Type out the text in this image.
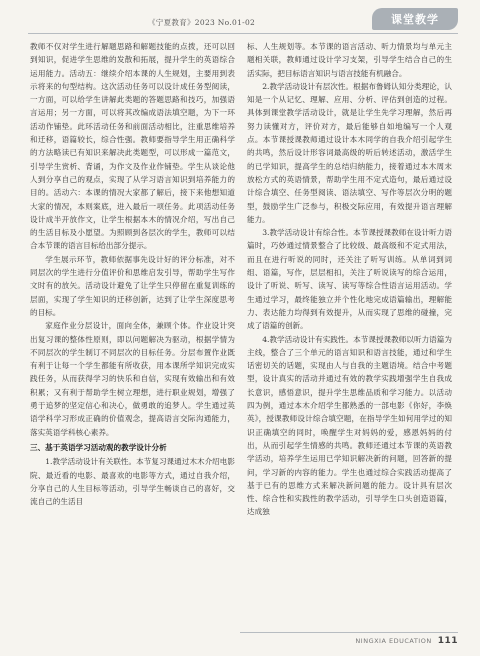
《宁夏教育》2023 No.01-02	课堂教学

教师不仅对学生进行解题思路和解题技能的点拨，还可以回到知识，促进学生思维的发散和拓展，提升学生的英语综合运用能力。活动五：继续介绍本课的人生规划，主要用到表示将来的句型结构。这次活动任务可以设计成任务型阅读，一方面，可以给学生讲解此类题的答题思路和技巧，加强语言运用；另一方面，可以将其改编成语法填空题，为下一环活动作铺垫。此环活动任务和前面活动相比，注重思维培养和迁移，语篇较长，综合性强。教师要指导学生用正确科学的方法略读已有知识来解决此类题型，可以形成一篇范文，引导学生赏析、背诵，为作文及作业作铺垫。学生从谈论他人到分享自己的观点，实现了从学习语言知识到培养能力的目的。活动六：本课的情况大家都了解后，接下来他想知道大家的情况，本则案底，进入最后一项任务。此项活动任务设计成半开放作文，让学生根据本木的情况介绍，写出自己的生活目标及小愿望。为照顾到各层次的学生，教师可以结合本节课的语言目标给出部分提示。

学生展示环节，教师依据事先设计好的评分标准，对不同层次的学生进行分值评价和思维启发引导，帮助学生写作文时有的放矢。活动设计避免了让学生只停留在重复训练的层面，实现了学生知识的迁移创新，达到了让学生深度思考的目标。

家庭作业分层设计，面向全体，兼顾个体。作业设计突出复习课的整体性原则，即以问题解决为驱动，根据学情为不同层次的学生制订不同层次的目标任务。分层布置作业既有利于让每一个学生都能有所收获，用本课所学知识完成实践任务，从而获得学习的快乐和自信，实现有效输出和有效积累；又有利于帮助学生树立理想，进行职业规划，增强了勇于追梦的坚定信心和决心，做勇敢的追梦人。学生通过英语学科学习形成正确的价值观念，提高语言交际沟通能力，落实英语学科核心素养。

三、基于英语学习活动观的教学设计分析

1.教学活动设计有关联性。本节复习课通过木木介绍电影院、最近看的电影、最喜欢的电影等方式，通过自我介绍，分享自己的人生目标等活动，引导学生畅谈自己的喜好，交流自己的生活目

标、人生规划等。本节课的语言活动、听力情景均与单元主题相关联，教师通过设计学习支架，引导学生结合自己的生活实际，把目标语言知识与语言技能有机融合。

2.教学活动设计有层次性。根据布鲁姆认知分类理论，认知是一个从记忆、理解、应用、分析、评估到创造的过程。具体到课堂教学活动设计，就是让学生先学习理解，然后再努力读懂对方，评价对方，最后能够自如地编写一个人观点。本节课授课教师通过设计本木同学的自我介绍引起学生的共鸣，然后设计形容词最高级的听后转述活动，激活学生的已学知识，提高学生的总结归纳能力，接着通过本木周末放松方式的英语情景，帮助学生用不定式造句，最后通过设计综合填空、任务型阅读、语法填空、写作等层次分明的题型，鼓励学生广泛参与，积极交际应用，有效提升语言理解能力。

3.教学活动设计有综合性。本节课授课教师在设计听力语篇时，巧妙通过情景整合了比较级、最高级和不定式用法，而且在进行听说的同时，还关注了听写训练。从单词到词组、语篇，写作，层层相扣，关注了听说读写的综合运用，设计了听说、听写、读写、读写等综合性语言运用活动。学生通过学习，最终能独立并个性化地完成语篇输出，理解能力、表达能力均得到有效提升，从而实现了思维的碰撞，完成了语篇的创新。

4.教学活动设计有实践性。本节课授课教师以听力语篇为主线，整合了三个单元的语言知识和语言技能，通过和学生话密切关的话题，实现由人与自我的主题语境。结合中考题型，设计真实的活动并通过有效的教学实践增强学生自我成长意识，感悟意识，提升学生思维品质和学习能力。以活动四为例，通过本木介绍学生都熟悉的一部电影《你好，李焕英》，授课教师设计综合填空题，在指导学生如何用学过的知识正确填空的同时，唤醒学生对妈妈的爱，感恩妈妈的付出，从而引起学生情感的共鸣。教师还通过本节课的英语教学活动，培养学生运用已学知识解决新的问题，回答新的提问，学习新的内容的能力。学生也通过综合实践活动提高了基于已有的思维方式来解决新问题的能力。设计具有层次性、综合性和实践性的教学活动，引导学生口头创造语篇，达成独

NINGXIA EDUCATION 111
